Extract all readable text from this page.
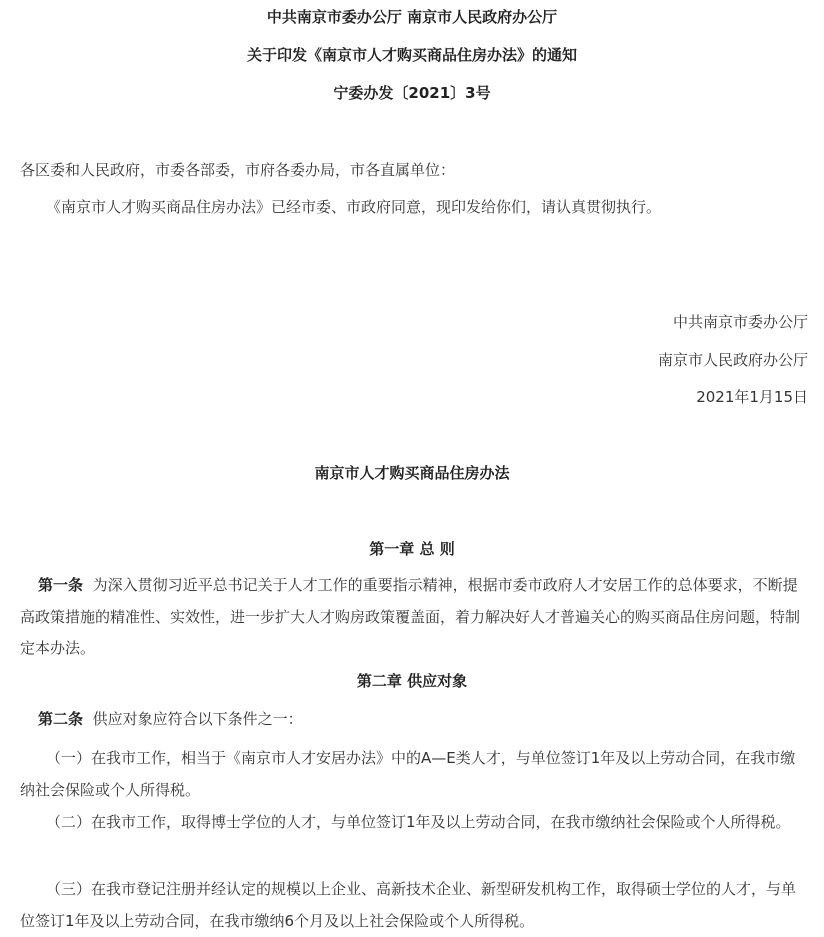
中共南京市委办公厅 南京市人民政府办公厅

关于印发《南京市人才购买商品住房办法》的通知

宁委办发〔2021〕3号

各区委和人民政府，市委各部委，市府各委办局，市各直属单位：

《南京市人才购买商品住房办法》已经市委、市政府同意，现印发给你们，请认真贯彻执行。

中共南京市委办公厅

南京市人民政府办公厅

2021年1月15日

南京市人才购买商品住房办法

第一章 总 则

第一条 为深入贯彻习近平总书记关于人才工作的重要指示精神，根据市委市政府人才安居工作的总体要求，不断提高政策措施的精准性、实效性，进一步扩大人才购房政策覆盖面，着力解决好人才普遍关心的购买商品住房问题，特制定本办法。

第二章 供应对象

第二条 供应对象应符合以下条件之一：

（一）在我市工作，相当于《南京市人才安居办法》中的A—E类人才，与单位签订1年及以上劳动合同，在我市缴纳社会保险或个人所得税。

（二）在我市工作，取得博士学位的人才，与单位签订1年及以上劳动合同，在我市缴纳社会保险或个人所得税。

（三）在我市登记注册并经认定的规模以上企业、高新技术企业、新型研发机构工作，取得硕士学位的人才，与单位签订1年及以上劳动合同，在我市缴纳6个月及以上社会保险或个人所得税。
